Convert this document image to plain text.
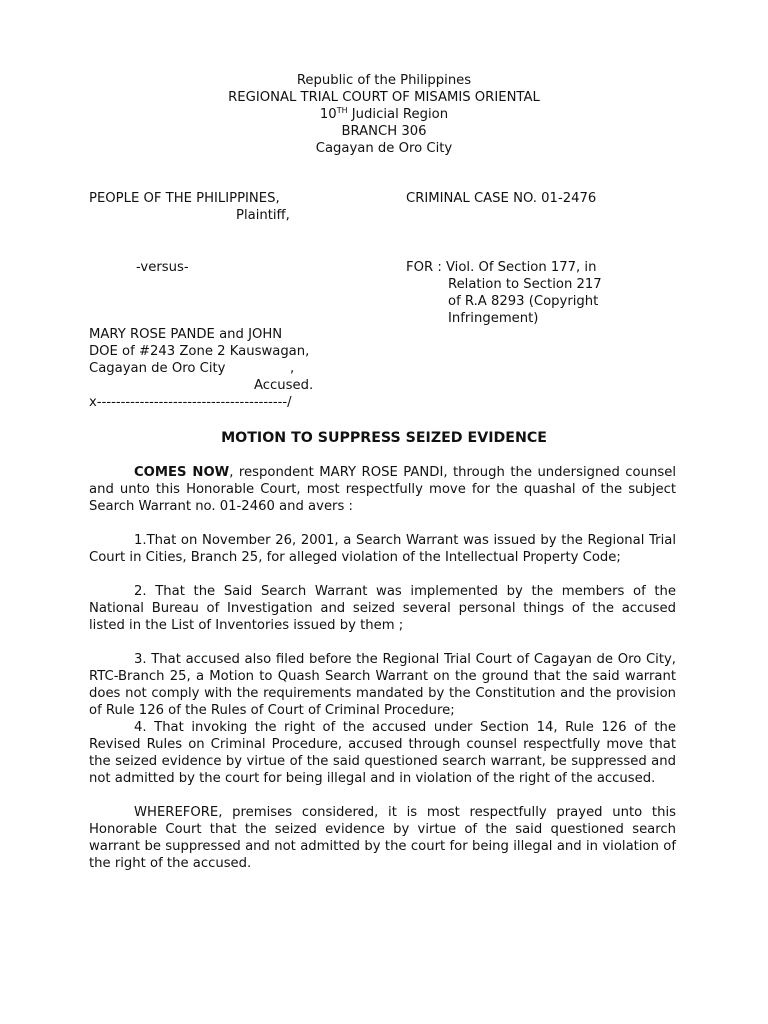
Republic of the Philippines
REGIONAL TRIAL COURT OF MISAMIS ORIENTAL
10TH Judicial Region
BRANCH 306
Cagayan de Oro City
PEOPLE OF THE PHILIPPINES,
Plaintiff,
CRIMINAL CASE NO. 01-2476
-versus-	FOR : Viol. Of Section 177, in
Relation to Section 217
of R.A 8293 (Copyright
Infringement)
MARY ROSE PANDE and JOHN
DOE of #243 Zone 2 Kauswagan,
Cagayan de Oro City	,
Accused.
x----------------------------------------/
MOTION TO SUPPRESS SEIZED EVIDENCE

COMES NOW, respondent MARY ROSE PANDI, through the undersigned counsel and unto this Honorable Court, most respectfully move for the quashal of the subject Search Warrant no. 01-2460 and avers :

1.That on November 26, 2001, a Search Warrant was issued by the Regional Trial Court in Cities, Branch 25, for alleged violation of the Intellectual Property Code;

2. That the Said Search Warrant was implemented by the members of the National Bureau of Investigation and seized several personal things of the accused listed in the List of Inventories issued by them ;

3. That accused also filed before the Regional Trial Court of Cagayan de Oro City, RTC-Branch 25, a Motion to Quash Search Warrant on the ground that the said warrant does not comply with the requirements mandated by the Constitution and the provision of Rule 126 of the Rules of Court of Criminal Procedure;

4. That invoking the right of the accused under Section 14, Rule 126 of the Revised Rules on Criminal Procedure, accused through counsel respectfully move that the seized evidence by virtue of the said questioned search warrant, be suppressed and not admitted by the court for being illegal and in violation of the right of the accused.

WHEREFORE, premises considered, it is most respectfully prayed unto this Honorable Court that the seized evidence by virtue of the said questioned search warrant be suppressed and not admitted by the court for being illegal and in violation of the right of the accused.
